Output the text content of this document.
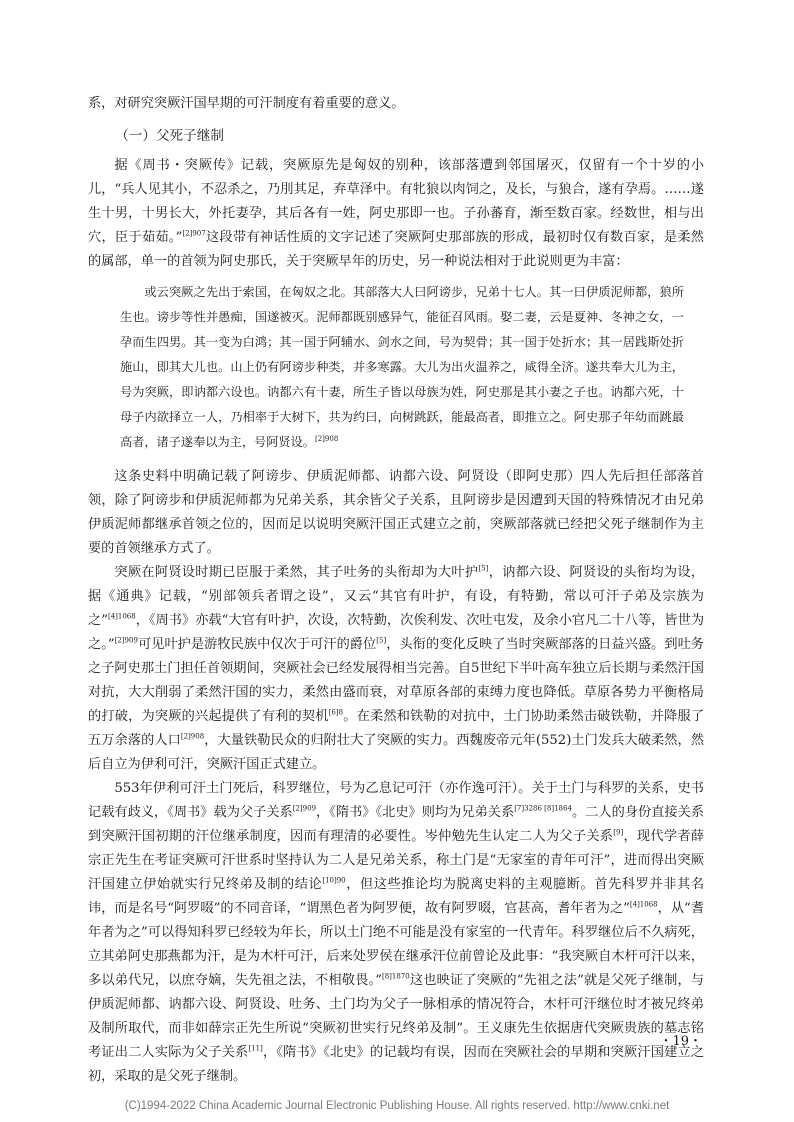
系，对研究突厥汗国早期的可汗制度有着重要的意义。

（一）父死子继制

据《周书・突厥传》记载，突厥原先是匈奴的别种，该部落遭到邻国屠灭，仅留有一个十岁的小儿，“兵人见其小，不忍杀之，乃刖其足，弃草泽中。有牝狼以肉饲之，及长，与狼合，遂有孕焉。……遂生十男，十男长大，外托妻孕，其后各有一姓，阿史那即一也。子孙蕃育，渐至数百家。经数世，相与出穴，臣于茹茹。”$^{[2]907}$这段带有神话性质的文字记述了突厥阿史那部族的形成，最初时仅有数百家，是柔然的属部，单一的首领为阿史那氏，关于突厥早年的历史，另一种说法相对于此说则更为丰富：

或云突厥之先出于索国，在匈奴之北。其部落大人曰阿谤步，兄弟十七人。其一曰伊质泥师都，狼所生也。谤步等性并愚痴，国遂被灭。泥师都既别感异气，能征召风雨。娶二妻，云是夏神、冬神之女，一孕而生四男。其一变为白鸿；其一国于阿辅水、剑水之间，号为契骨；其一国于处折水；其一居践斯处折施山，即其大儿也。山上仍有阿谤步种类，并多寒露。大儿为出火温养之，咸得全济。遂共奉大儿为主，号为突厥，即讷都六设也。讷都六有十妻，所生子皆以母族为姓，阿史那是其小妻之子也。讷都六死，十母子内欲择立一人，乃相率于大树下，共为约曰，向树跳跃，能最高者，即推立之。阿史那子年幼而跳最高者，诸子遂奉以为主，号阿贤设。$^{[2]908}$

这条史料中明确记载了阿谤步、伊质泥师都、讷都六设、阿贤设（即阿史那）四人先后担任部落首领，除了阿谤步和伊质泥师都为兄弟关系，其余皆父子关系，且阿谤步是因遭到天国的特殊情况才由兄弟伊质泥师都继承首领之位的，因而足以说明突厥汗国正式建立之前，突厥部落就已经把父死子继制作为主要的首领继承方式了。

突厥在阿贤设时期已臣服于柔然，其子吐务的头衔却为大叶护[5]，讷都六设、阿贤设的头衔均为设，据《通典》记载，“别部领兵者谓之设”，又云“其官有叶护，有设，有特勤，常以可汗子弟及宗族为之”$^{[4]1068}$，《周书》亦载“大官有叶护，次设，次特勤，次俟利发、次吐屯发，及余小官凡二十八等，皆世为之。”$^{[2]909}$可见叶护是游牧民族中仅次于可汗的爵位[5]，头衔的变化反映了当时突厥部落的日益兴盛。到吐务之子阿史那土门担任首领期间，突厥社会已经发展得相当完善。自5世纪下半叶高车独立后长期与柔然汗国对抗，大大削弱了柔然汗国的实力，柔然由盛而衰，对草原各部的束缚力度也降低。草原各势力平衡格局的打破，为突厥的兴起提供了有利的契机$^{[6]8}$。在柔然和铁勒的对抗中，土门协助柔然击破铁勒，并降服了五万余落的人口$^{[2]908}$，大量铁勒民众的归附壮大了突厥的实力。西魏废帝元年(552)土门发兵大破柔然，然后自立为伊利可汗，突厥汗国正式建立。

553年伊利可汗土门死后，科罗继位，号为乙息记可汗（亦作逸可汗）。关于土门与科罗的关系，史书记载有歧义，《周书》载为父子关系$^{[2]909}$，《隋书》《北史》则均为兄弟关系$^{[7]3286 [8]1864}$。二人的身份直接关系到突厥汗国初期的汗位继承制度，因而有理清的必要性。岑仲勉先生认定二人为父子关系[9]，现代学者薛宗正先生在考证突厥可汗世系时坚持认为二人是兄弟关系，称土门是“无家室的青年可汗”，进而得出突厥汗国建立伊始就实行兄终弟及制的结论$^{[10]90}$，但这些推论均为脱离史料的主观臆断。首先科罗并非其名讳，而是名号“阿罗啜”的不同音译，“谓黑色者为阿罗便，故有阿罗啜，官甚高，耆年者为之”$^{[4]1068}$，从“耆年者为之”可以得知科罗已经较为年长，所以土门绝不可能是没有家室的一代青年。科罗继位后不久病死，立其弟阿史那燕都为汗，是为木杆可汗，后来处罗侯在继承汗位前曾论及此事：“我突厥自木杆可汗以来，多以弟代兄，以庶夺嫡，失先祖之法，不相敬畏。”$^{[8]1870}$这也映证了突厥的“先祖之法”就是父死子继制，与伊质泥师都、讷都六设、阿贤设、吐务、土门均为父子一脉相承的情况符合，木杆可汗继位时才被兄终弟及制所取代，而非如薛宗正先生所说“突厥初世实行兄终弟及制”。王义康先生依据唐代突厥贵族的墓志铭考证出二人实际为父子关系[11]，《隋书》《北史》的记载均有误，因而在突厥社会的早期和突厥汗国建立之初，采取的是父死子继制。

・19・
(C)1994-2022 China Academic Journal Electronic Publishing House. All rights reserved. http://www.cnki.net
